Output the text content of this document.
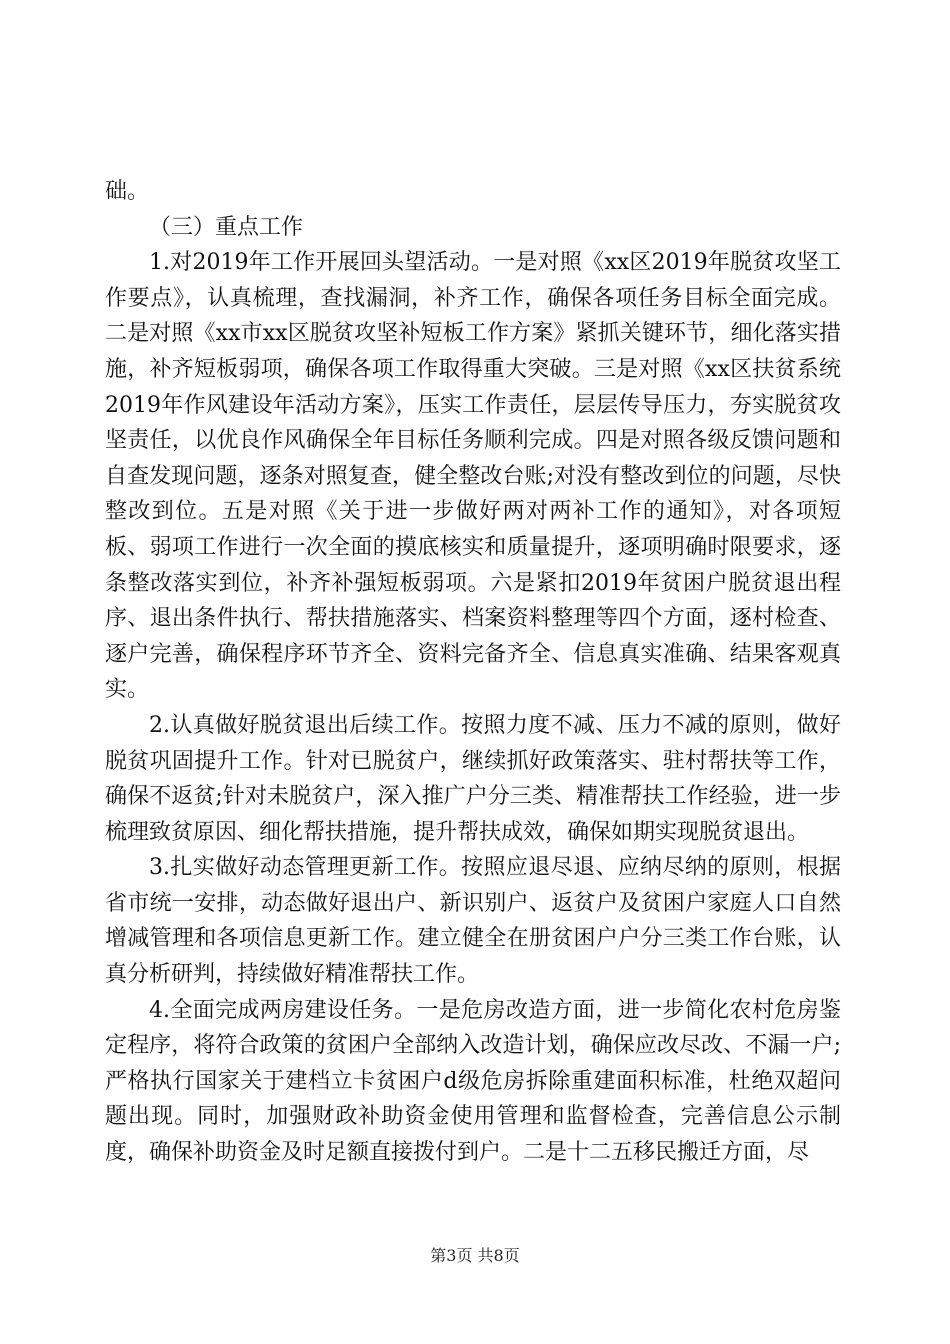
础。

（三）重点工作

1.对2019年工作开展回头望活动。一是对照《xx区2019年脱贫攻坚工作要点》，认真梳理，查找漏洞，补齐工作，确保各项任务目标全面完成。二是对照《xx市xx区脱贫攻坚补短板工作方案》紧抓关键环节，细化落实措施，补齐短板弱项，确保各项工作取得重大突破。三是对照《xx区扶贫系统2019年作风建设年活动方案》，压实工作责任，层层传导压力，夯实脱贫攻坚责任，以优良作风确保全年目标任务顺利完成。四是对照各级反馈问题和自查发现问题，逐条对照复查，健全整改台账;对没有整改到位的问题，尽快整改到位。五是对照《关于进一步做好两对两补工作的通知》，对各项短板、弱项工作进行一次全面的摸底核实和质量提升，逐项明确时限要求，逐条整改落实到位，补齐补强短板弱项。六是紧扣2019年贫困户脱贫退出程序、退出条件执行、帮扶措施落实、档案资料整理等四个方面，逐村检查、逐户完善，确保程序环节齐全、资料完备齐全、信息真实准确、结果客观真实。

2.认真做好脱贫退出后续工作。按照力度不减、压力不减的原则，做好脱贫巩固提升工作。针对已脱贫户，继续抓好政策落实、驻村帮扶等工作，确保不返贫;针对未脱贫户，深入推广户分三类、精准帮扶工作经验，进一步梳理致贫原因、细化帮扶措施，提升帮扶成效，确保如期实现脱贫退出。

3.扎实做好动态管理更新工作。按照应退尽退、应纳尽纳的原则，根据省市统一安排，动态做好退出户、新识别户、返贫户及贫困户家庭人口自然增减管理和各项信息更新工作。建立健全在册贫困户户分三类工作台账，认真分析研判，持续做好精准帮扶工作。

4.全面完成两房建设任务。一是危房改造方面，进一步简化农村危房鉴定程序，将符合政策的贫困户全部纳入改造计划，确保应改尽改、不漏一户;严格执行国家关于建档立卡贫困户d级危房拆除重建面积标准，杜绝双超问题出现。同时，加强财政补助资金使用管理和监督检查，完善信息公示制度，确保补助资金及时足额直接拨付到户。二是十二五移民搬迁方面，尽

第3页 共8页
